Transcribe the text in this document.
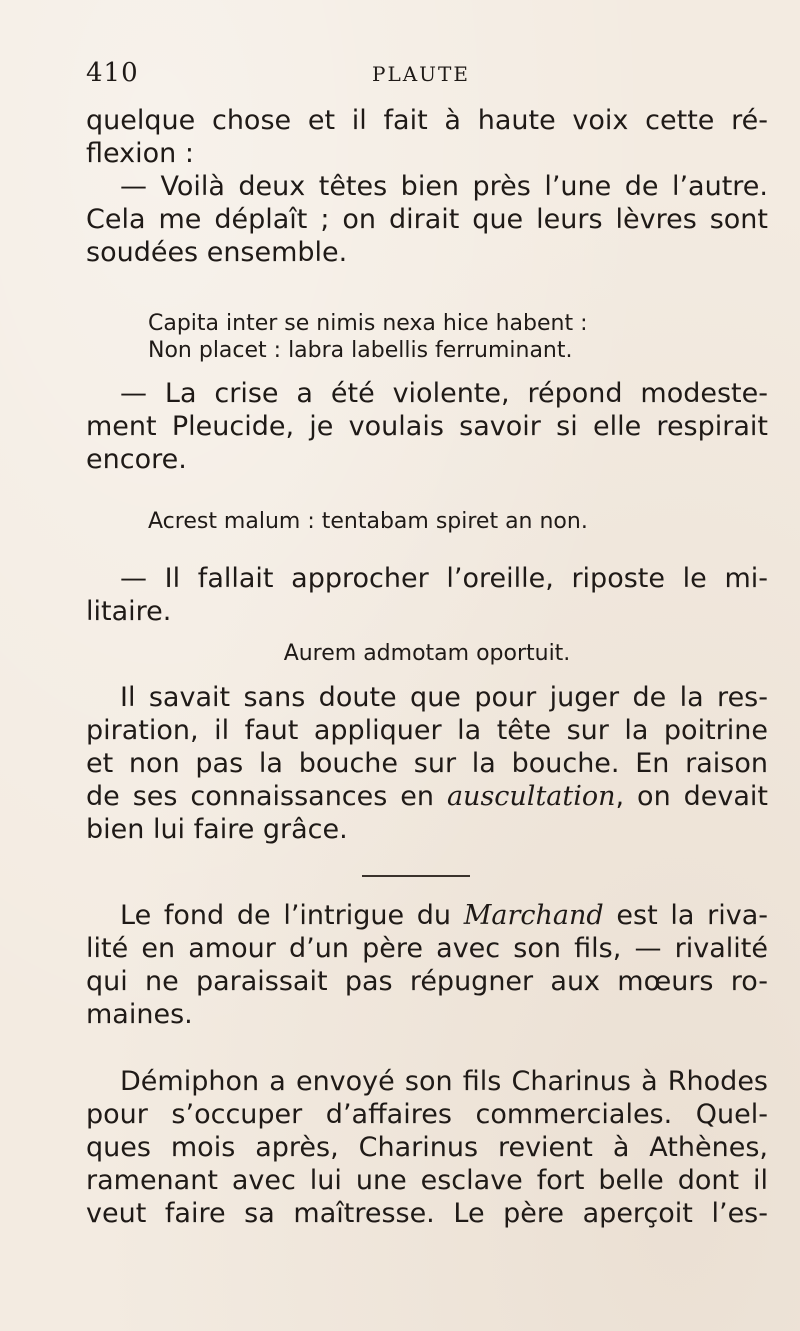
410	PLAUTE
quelque chose et il fait à haute voix cette ré-
flexion :
— Voilà deux têtes bien près l’une de l’autre.
Cela me déplaît ; on dirait que leurs lèvres sont
soudées ensemble.
Capita inter se nimis nexa hice habent :
Non placet : labra labellis ferruminant.
— La crise a été violente, répond modeste-
ment Pleucide, je voulais savoir si elle respirait
encore.
Acrest malum : tentabam spiret an non.
— Il fallait approcher l’oreille, riposte le mi-
litaire.
Aurem admotam oportuit.
Il savait sans doute que pour juger de la res-
piration, il faut appliquer la tête sur la poitrine
et non pas la bouche sur la bouche. En raison
de ses connaissances en auscultation, on devait
bien lui faire grâce.
Le fond de l’intrigue du Marchand est la riva-
lité en amour d’un père avec son fils, — rivalité
qui ne paraissait pas répugner aux mœurs ro-
maines.
Démiphon a envoyé son fils Charinus à Rhodes
pour s’occuper d’affaires commerciales. Quel-
ques mois après, Charinus revient à Athènes,
ramenant avec lui une esclave fort belle dont il
veut faire sa maîtresse. Le père aperçoit l’es-
